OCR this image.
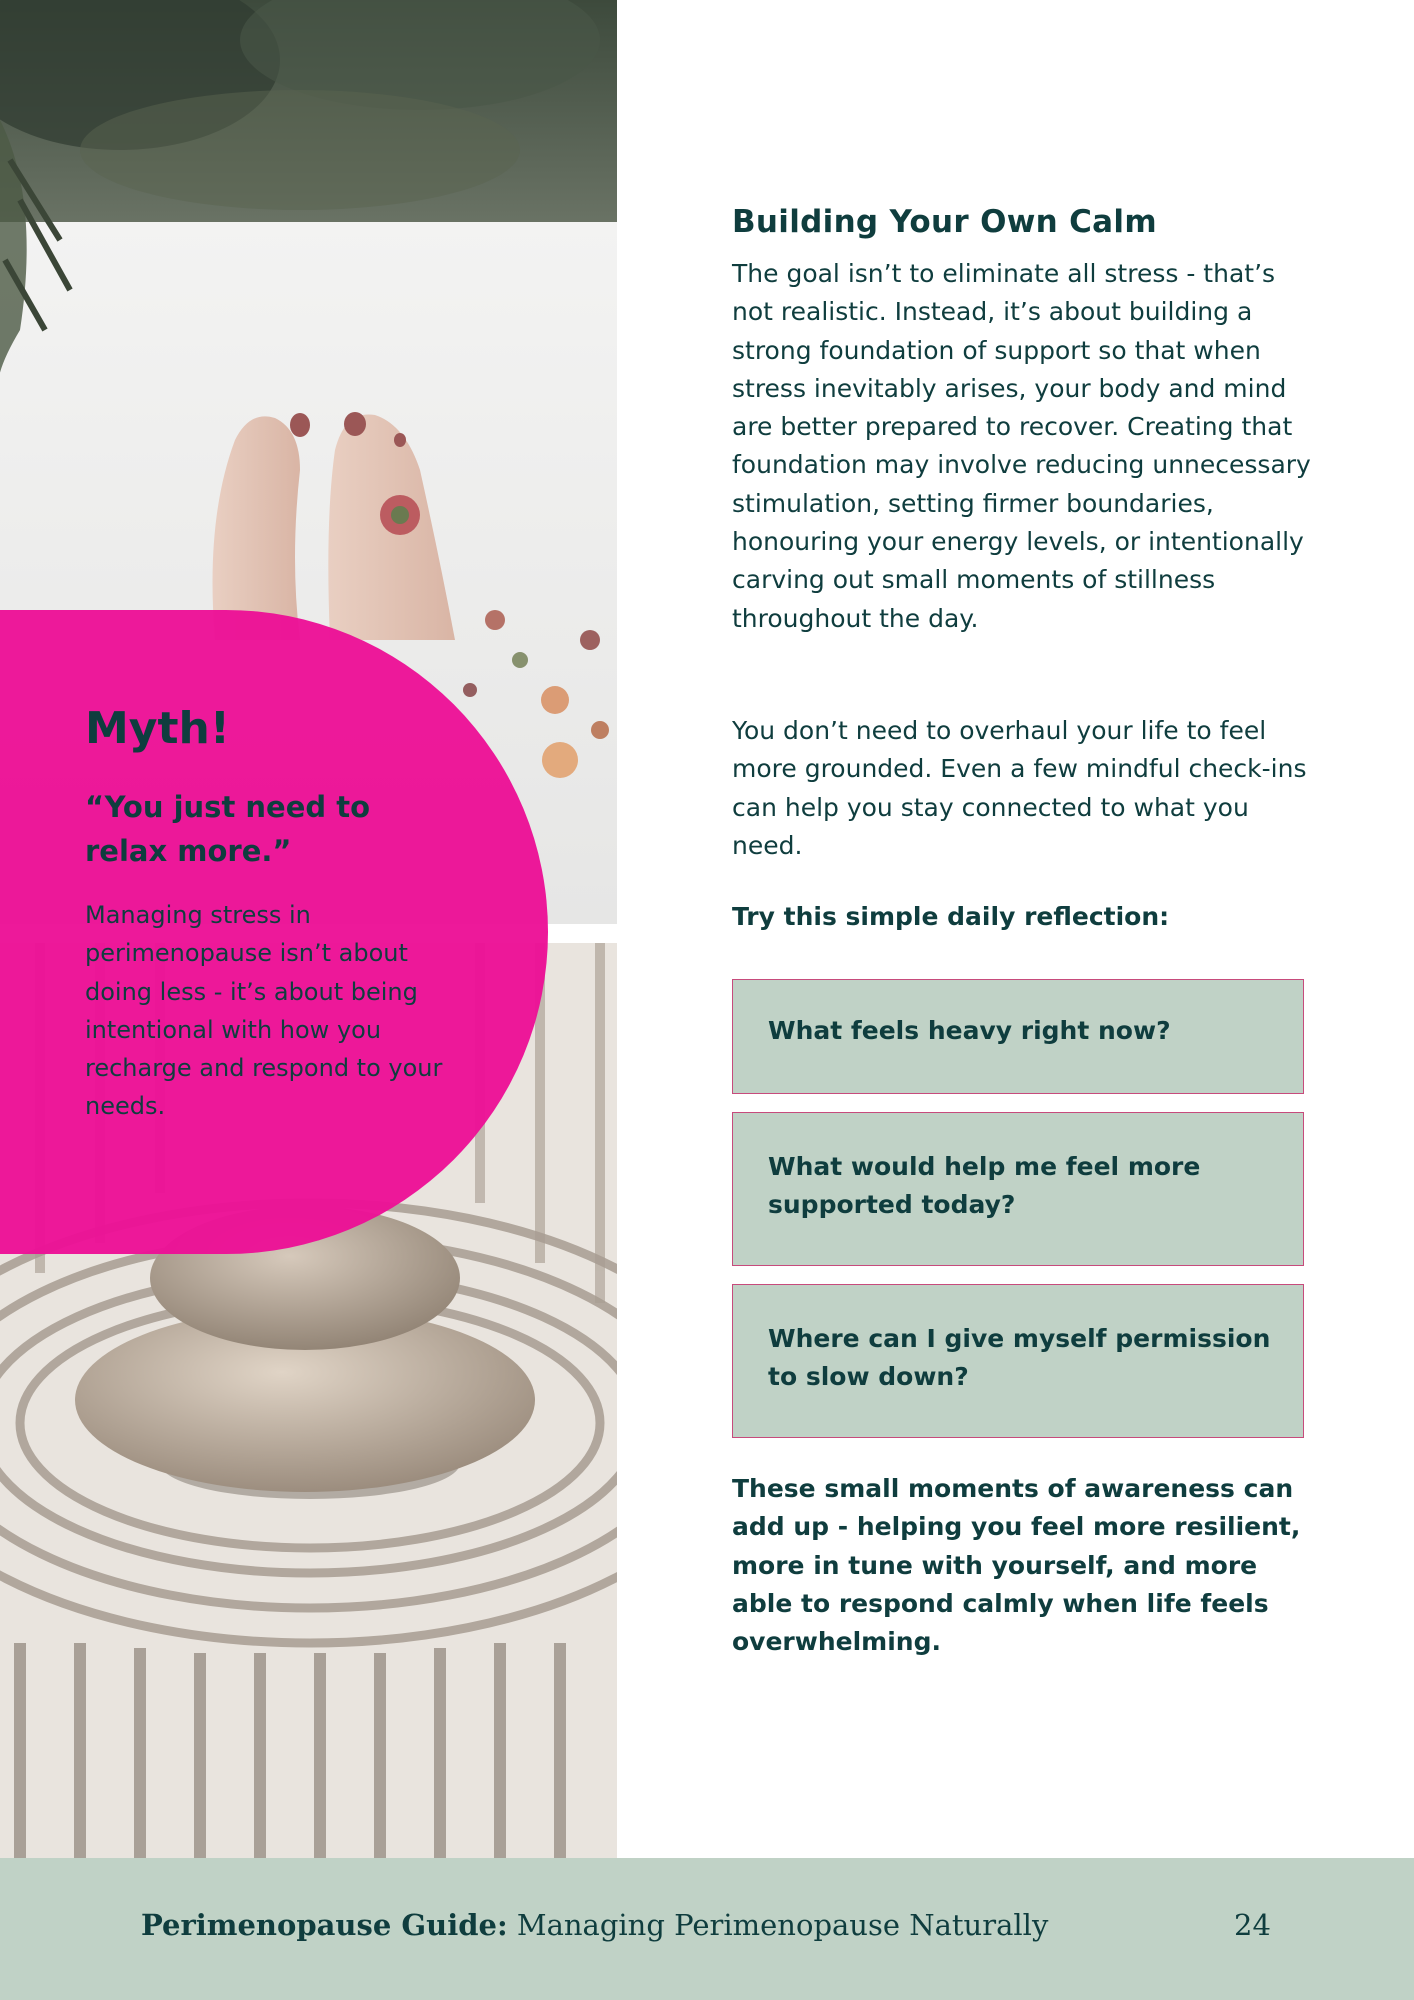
Myth!

“You just need to relax more.”

Managing stress in perimenopause isn’t about doing less - it’s about being intentional with how you recharge and respond to your needs.

Building Your Own Calm

The goal isn’t to eliminate all stress - that’s not realistic. Instead, it’s about building a strong foundation of support so that when stress inevitably arises, your body and mind are better prepared to recover. Creating that foundation may involve reducing unnecessary stimulation, setting firmer boundaries, honouring your energy levels, or intentionally carving out small moments of stillness throughout the day.

You don’t need to overhaul your life to feel more grounded. Even a few mindful check-ins can help you stay connected to what you need.

Try this simple daily reflection:

What feels heavy right now?
What would help me feel more supported today?
Where can I give myself permission to slow down?

These small moments of awareness can add up - helping you feel more resilient, more in tune with yourself, and more able to respond calmly when life feels overwhelming.

Perimenopause Guide: Managing Perimenopause Naturally	24
